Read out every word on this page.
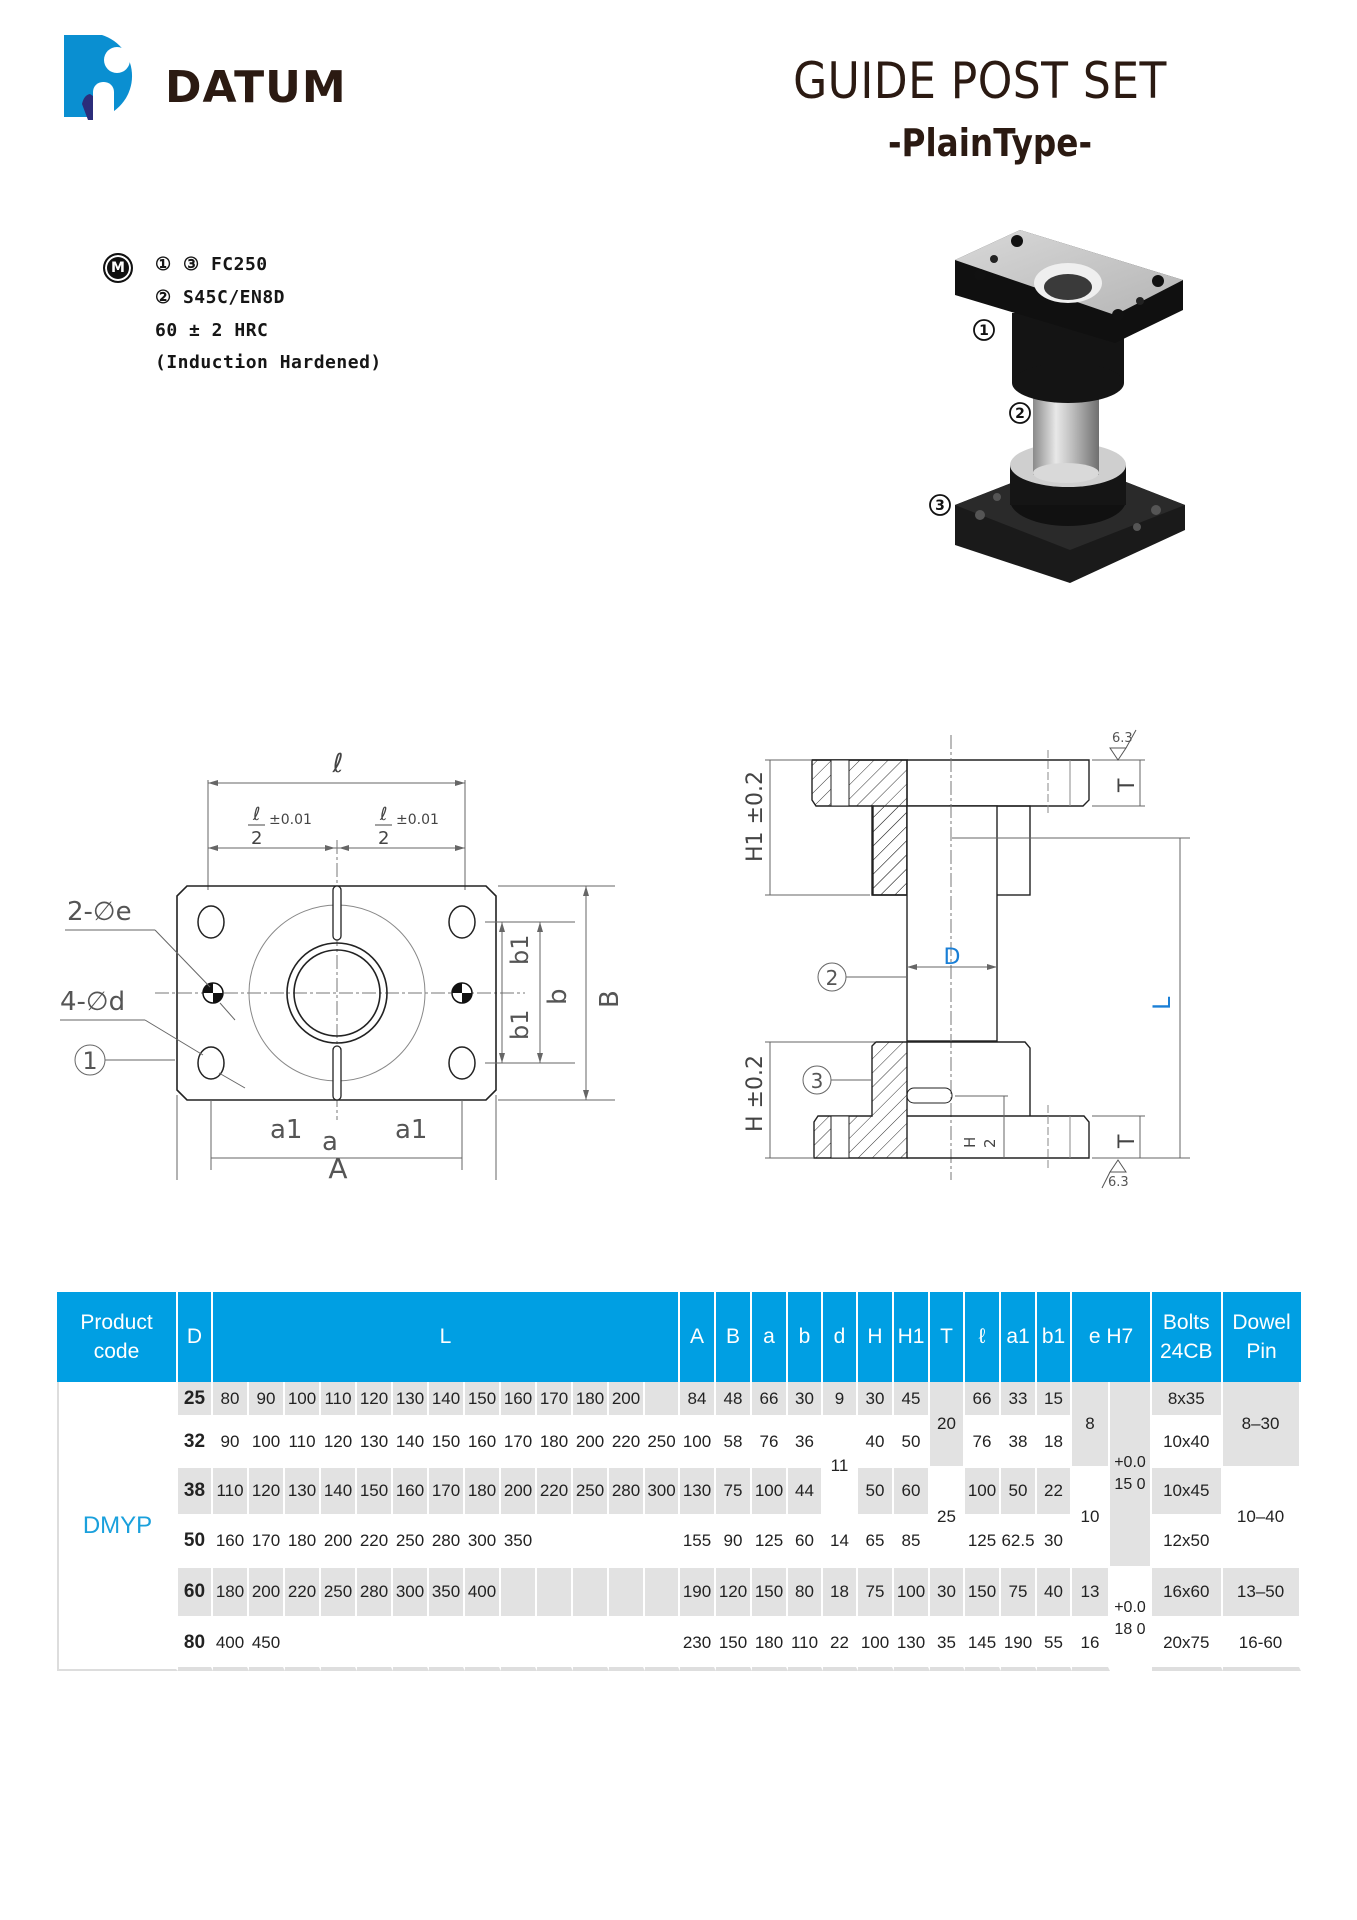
DATUM	GUIDE POST SET
-PlainType-
M	① ③ FC250
② S45C/EN8D
60 ± 2 HRC
(Induction Hardened)
1
2
3
ℓ
ℓ
2
±0.01	ℓ
2
±0.01
2-∅e
4-∅d
1
b1
b1
b B
a
a1	a1
A
H1 ±0.2
H ±0.2
T
T
6.3
6.3
L
D
H 2
2
3
Product code	D	L													A	B	a	b	d	H	H1	T	ℓ	a1	b1	e H7		Bolts 24CB	Dowel Pin
DMYP	25	80	90	100	110	120	130	140	150	160	170	180	200		84	48	66	30	9	30	45	20	66	33	15	8	+0.0 15 0	8x35	8–30
	32	90	100	110	120	130	140	150	160	170	180	200	220	250	100	58	76	36	11	40	50		76	38	18			10x40	
	38	110	120	130	140	150	160	170	180	200	220	250	280	300	130	75	100	44		50	60	25	100	50	22	10		10x45	10–40
	50	160	170	180	200	220	250	280	300	350					155	90	125	60	14	65	85		125	62.5	30			12x50	
	60	180	200	220	250	280	300	350	400						190	120	150	80	18	75	100	30	150	75	40	13	+0.0 18 0	16x60	13–50
	80	400	450												230	150	180	110	22	100	130	35	145	190	55	16		20x75	16-60
